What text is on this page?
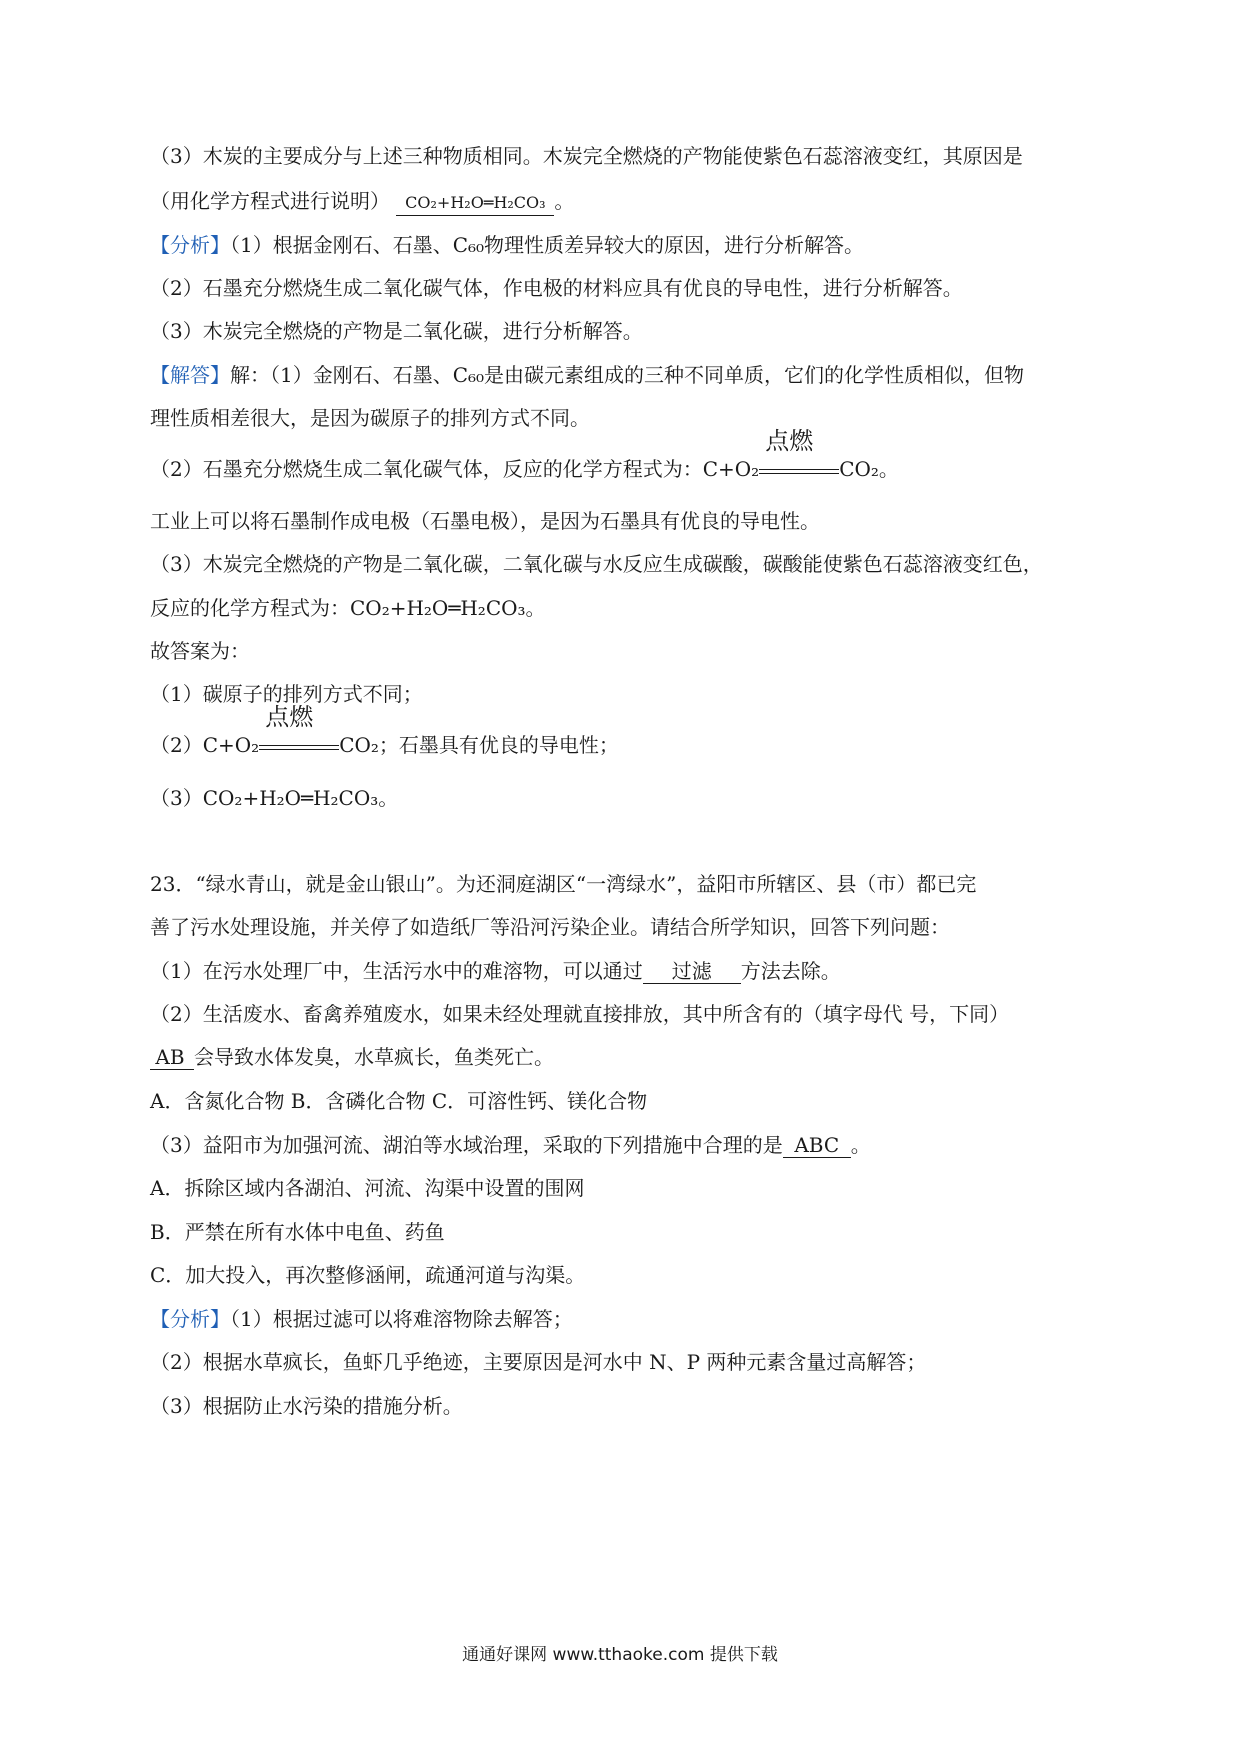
（3）木炭的主要成分与上述三种物质相同。木炭完全燃烧的产物能使紫色石蕊溶液变红，其原因是
（用化学方程式进行说明） CO₂+H₂O═H₂CO₃ 。
【分析】（1）根据金刚石、石墨、C₆₀物理性质差异较大的原因，进行分析解答。
（2）石墨充分燃烧生成二氧化碳气体，作电极的材料应具有优良的导电性，进行分析解答。
（3）木炭完全燃烧的产物是二氧化碳，进行分析解答。
【解答】解：（1）金刚石、石墨、C₆₀是由碳元素组成的三种不同单质，它们的化学性质相似，但物
理性质相差很大，是因为碳原子的排列方式不同。
（2）石墨充分燃烧生成二氧化碳气体，反应的化学方程式为：C+O₂
点燃
CO₂。
工业上可以将石墨制作成电极（石墨电极），是因为石墨具有优良的导电性。
（3）木炭完全燃烧的产物是二氧化碳，二氧化碳与水反应生成碳酸，碳酸能使紫色石蕊溶液变红色，
反应的化学方程式为：CO₂+H₂O═H₂CO₃。
故答案为：
（1）碳原子的排列方式不同；
（2）C+O₂
点燃
CO₂；石墨具有优良的导电性；
（3）CO₂+H₂O═H₂CO₃。
23．“绿水青山，就是金山银山”。为还洞庭湖区“一湾绿水”，益阳市所辖区、县（市）都已完
善了污水处理设施，并关停了如造纸厂等沿河污染企业。请结合所学知识，回答下列问题：
（1）在污水处理厂中，生活污水中的难溶物，可以通过 过滤 方法去除。
（2）生活废水、畜禽养殖废水，如果未经处理就直接排放，其中所含有的（填字母代 号，下同）
AB 会导致水体发臭，水草疯长，鱼类死亡。
A．含氮化合物 B．含磷化合物 C．可溶性钙、镁化合物
（3）益阳市为加强河流、湖泊等水域治理，采取的下列措施中合理的是 ABC 。
A．拆除区域内各湖泊、河流、沟渠中设置的围网
B．严禁在所有水体中电鱼、药鱼
C．加大投入，再次整修涵闸，疏通河道与沟渠。
【分析】（1）根据过滤可以将难溶物除去解答；
（2）根据水草疯长，鱼虾几乎绝迹，主要原因是河水中 N、P 两种元素含量过高解答；
（3）根据防止水污染的措施分析。
通通好课网 www.tthaoke.com 提供下载
